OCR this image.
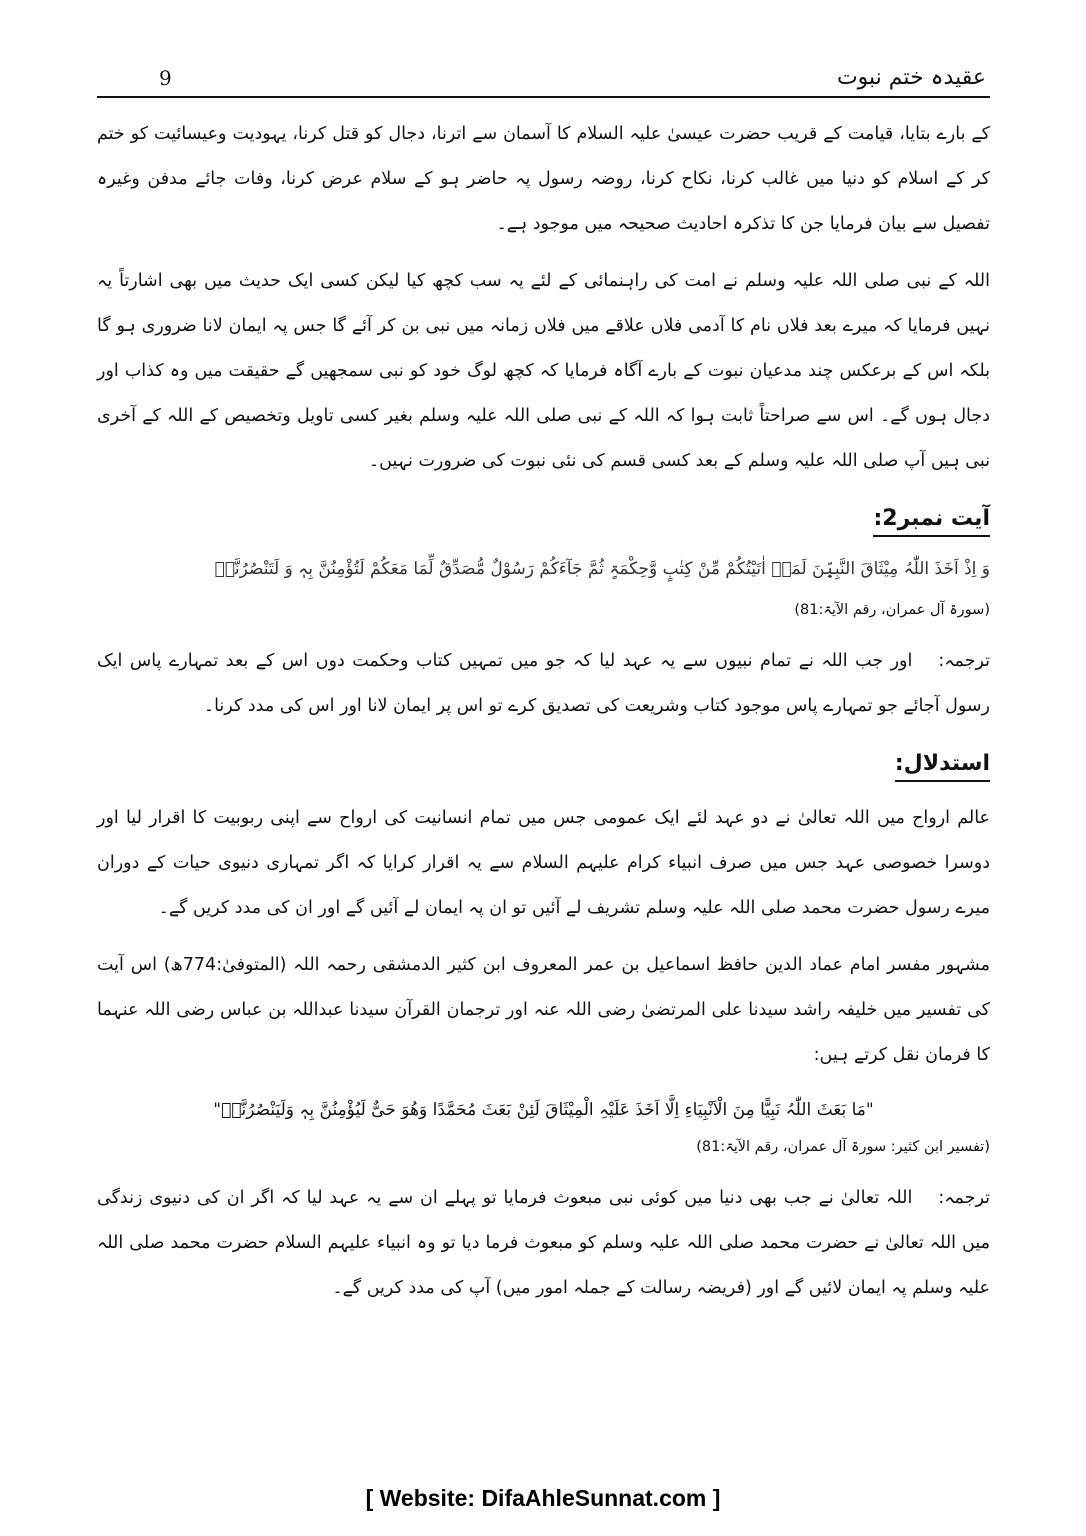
عقیدہ ختم نبوت
9

کے بارے بتایا، قیامت کے قریب حضرت عیسیٰ علیہ السلام کا آسمان سے اترنا، دجال کو قتل کرنا، یہودیت وعیسائیت کو ختم کر کے اسلام کو دنیا میں غالب کرنا، نکاح کرنا، روضہ رسول پہ حاضر ہو کے سلام عرض کرنا، وفات جائے مدفن وغیرہ تفصیل سے بیان فرمایا جن کا تذکرہ احادیث صحیحہ میں موجود ہے۔

اللہ کے نبی صلی اللہ علیہ وسلم نے امت کی راہنمائی کے لئے یہ سب کچھ کیا لیکن کسی ایک حدیث میں بھی اشارتاً یہ نہیں فرمایا کہ میرے بعد فلاں نام کا آدمی فلاں علاقے میں فلاں زمانہ میں نبی بن کر آئے گا جس پہ ایمان لانا ضروری ہو گا بلکہ اس کے برعکس چند مدعیان نبوت کے بارے آگاہ فرمایا کہ کچھ لوگ خود کو نبی سمجھیں گے حقیقت میں وہ کذاب اور دجال ہوں گے۔ اس سے صراحتاً ثابت ہوا کہ اللہ کے نبی صلی اللہ علیہ وسلم بغیر کسی تاویل وتخصیص کے اللہ کے آخری نبی ہیں آپ صلی اللہ علیہ وسلم کے بعد کسی قسم کی نئی نبوت کی ضرورت نہیں۔

آیت نمبر2:

وَ اِذْ اَخَذَ اللّٰہُ مِیْثَاقَ النَّبِیّٖنَ لَمَاۤ اٰتَیْتُکُمْ مِّنْ کِتٰبٍ وَّحِکْمَۃٍ ثُمَّ جَآءَکُمْ رَسُوْلٌ مُّصَدِّقٌ لِّمَا مَعَکُمْ لَتُؤْمِنُنَّ بِہٖ وَ لَتَنْصُرُنَّہٗ

(سورۃ آل عمران، رقم الآیۃ:81)

ترجمہ:اور جب اللہ نے تمام نبیوں سے یہ عہد لیا کہ جو میں تمہیں کتاب وحکمت دوں اس کے بعد تمہارے پاس ایک رسول آجائے جو تمہارے پاس موجود کتاب وشریعت کی تصدیق کرے تو اس پر ایمان لانا اور اس کی مدد کرنا۔

استدلال:

عالم ارواح میں اللہ تعالیٰ نے دو عہد لئے ایک عمومی جس میں تمام انسانیت کی ارواح سے اپنی ربوبیت کا اقرار لیا اور دوسرا خصوصی عہد جس میں صرف انبیاء کرام علیہم السلام سے یہ اقرار کرایا کہ اگر تمہاری دنیوی حیات کے دوران میرے رسول حضرت محمد صلی اللہ علیہ وسلم تشریف لے آئیں تو ان پہ ایمان لے آئیں گے اور ان کی مدد کریں گے۔

مشہور مفسر امام عماد الدین حافظ اسماعیل بن عمر المعروف ابن کثیر الدمشقی رحمہ اللہ (المتوفیٰ:774ھ) اس آیت کی تفسیر میں خلیفہ راشد سیدنا علی المرتضیٰ رضی اللہ عنہ اور ترجمان القرآن سیدنا عبداللہ بن عباس رضی اللہ عنہما کا فرمان نقل کرتے ہیں:

"مَا بَعَثَ اللّٰہُ نَبِیًّا مِنَ الْاَنْبِیَاءِ اِلَّا اَخَذَ عَلَیْہِ الْمِیْثَاقَ لَئِنْ بَعَثَ مُحَمَّدًا وَھُوَ حَیٌّ لَیُؤْمِنُنَّ بِہٖ وَلَیَنْصُرُنَّہٗ"

(تفسیر ابن کثیر: سورۃ آل عمران، رقم الآیۃ:81)

ترجمہ:اللہ تعالیٰ نے جب بھی دنیا میں کوئی نبی مبعوث فرمایا تو پہلے ان سے یہ عہد لیا کہ اگر ان کی دنیوی زندگی میں اللہ تعالیٰ نے حضرت محمد صلی اللہ علیہ وسلم کو مبعوث فرما دیا تو وہ انبیاء علیہم السلام حضرت محمد صلی اللہ علیہ وسلم پہ ایمان لائیں گے اور (فریضہ رسالت کے جملہ امور میں) آپ کی مدد کریں گے۔

[ Website: DifaAhleSunnat.com ]
